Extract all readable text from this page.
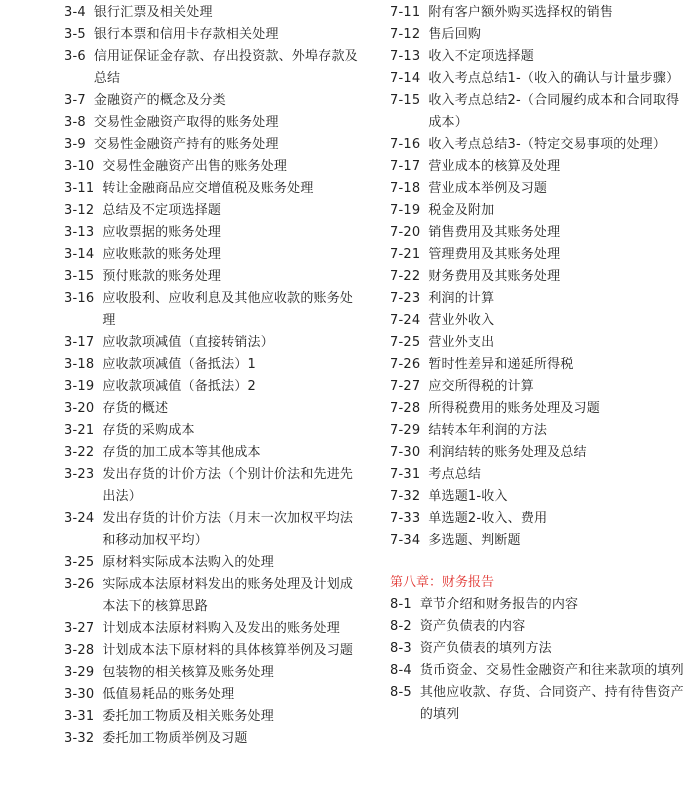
3-4 银行汇票及相关处理
3-5 银行本票和信用卡存款相关处理
3-6 信用证保证金存款、存出投资款、外埠存款及总结
3-7 金融资产的概念及分类
3-8 交易性金融资产取得的账务处理
3-9 交易性金融资产持有的账务处理
3-10 交易性金融资产出售的账务处理
3-11 转让金融商品应交增值税及账务处理
3-12 总结及不定项选择题
3-13 应收票据的账务处理
3-14 应收账款的账务处理
3-15 预付账款的账务处理
3-16 应收股利、应收利息及其他应收款的账务处理
3-17 应收款项减值（直接转销法）
3-18 应收款项减值（备抵法）1
3-19 应收款项减值（备抵法）2
3-20 存货的概述
3-21 存货的采购成本
3-22 存货的加工成本等其他成本
3-23 发出存货的计价方法（个别计价法和先进先出法）
3-24 发出存货的计价方法（月末一次加权平均法和移动加权平均）
3-25 原材料实际成本法购入的处理
3-26 实际成本法原材料发出的账务处理及计划成本法下的核算思路
3-27 计划成本法原材料购入及发出的账务处理
3-28 计划成本法下原材料的具体核算举例及习题
3-29 包装物的相关核算及账务处理
3-30 低值易耗品的账务处理
3-31 委托加工物质及相关账务处理
3-32 委托加工物质举例及习题
7-11 附有客户额外购买选择权的销售
7-12 售后回购
7-13 收入不定项选择题
7-14 收入考点总结1-（收入的确认与计量步骤）
7-15 收入考点总结2-（合同履约成本和合同取得成本）
7-16 收入考点总结3-（特定交易事项的处理）
7-17 营业成本的核算及处理
7-18 营业成本举例及习题
7-19 税金及附加
7-20 销售费用及其账务处理
7-21 管理费用及其账务处理
7-22 财务费用及其账务处理
7-23 利润的计算
7-24 营业外收入
7-25 营业外支出
7-26 暂时性差异和递延所得税
7-27 应交所得税的计算
7-28 所得税费用的账务处理及习题
7-29 结转本年利润的方法
7-30 利润结转的账务处理及总结
7-31 考点总结
7-32 单选题1-收入
7-33 单选题2-收入、费用
7-34 多选题、判断题
第八章：财务报告
8-1 章节介绍和财务报告的内容
8-2 资产负债表的内容
8-3 资产负债表的填列方法
8-4 货币资金、交易性金融资产和往来款项的填列
8-5 其他应收款、存货、合同资产、持有待售资产的填列
